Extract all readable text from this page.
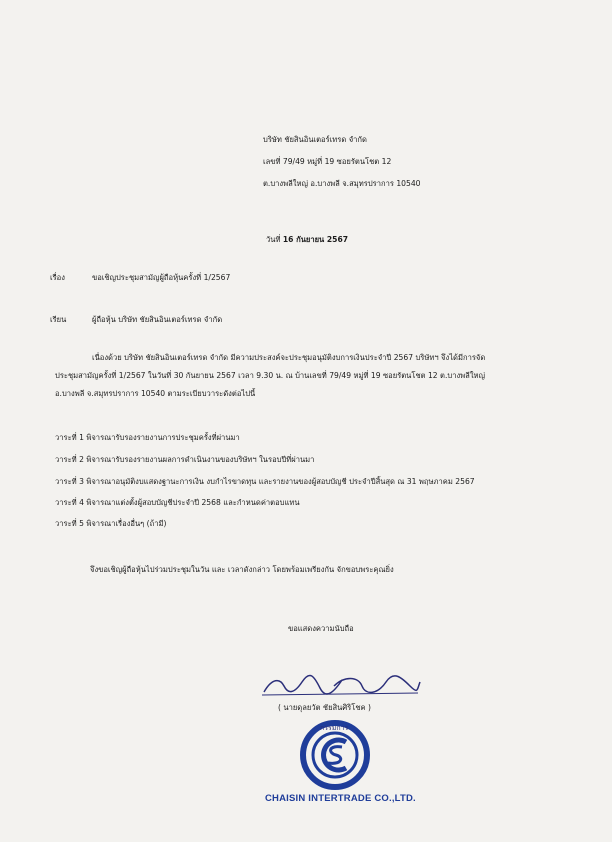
บริษัท ชัยสินอินเตอร์เทรด จำกัด
เลขที่ 79/49 หมู่ที่ 19 ซอยรัตนโชต 12
ต.บางพลีใหญ่ อ.บางพลี จ.สมุทรปราการ 10540
วันที่ 16 กันยายน 2567
เรื่อง	ขอเชิญประชุมสามัญผู้ถือหุ้นครั้งที่ 1/2567
เรียน	ผู้ถือหุ้น บริษัท ชัยสินอินเตอร์เทรด จำกัด
เนื่องด้วย บริษัท ชัยสินอินเตอร์เทรด จำกัด มีความประสงค์จะประชุมอนุมัติงบการเงินประจำปี 2567 บริษัทฯ จึงได้มีการจัด
ประชุมสามัญครั้งที่ 1/2567 ในวันที่ 30 กันยายน 2567 เวลา 9.30 น. ณ บ้านเลขที่ 79/49 หมู่ที่ 19 ซอยรัตนโชต 12 ต.บางพลีใหญ่
อ.บางพลี จ.สมุทรปราการ 10540 ตามระเบียบวาระดังต่อไปนี้
วาระที่ 1 พิจารณารับรองรายงานการประชุมครั้งที่ผ่านมา
วาระที่ 2 พิจารณารับรองรายงานผลการดำเนินงานของบริษัทฯ ในรอบปีที่ผ่านมา
วาระที่ 3 พิจารณาอนุมัติงบแสดงฐานะการเงิน งบกำไรขาดทุน และรายงานของผู้สอบบัญชี ประจำปีสิ้นสุด ณ 31 พฤษภาคม 2567
วาระที่ 4 พิจารณาแต่งตั้งผู้สอบบัญชีประจำปี 2568 และกำหนดค่าตอบแทน
วาระที่ 5 พิจารณาเรื่องอื่นๆ (ถ้ามี)
จึงขอเชิญผู้ถือหุ้นไปร่วมประชุมในวัน และ เวลาดังกล่าว โดยพร้อมเพรียงกัน จักขอบพระคุณยิ่ง
ขอแสดงความนับถือ
( นายดุลยวัต ชัยสินศิริโชค )
กรรมการ
CHAISIN INTERTRADE CO.,LTD.
